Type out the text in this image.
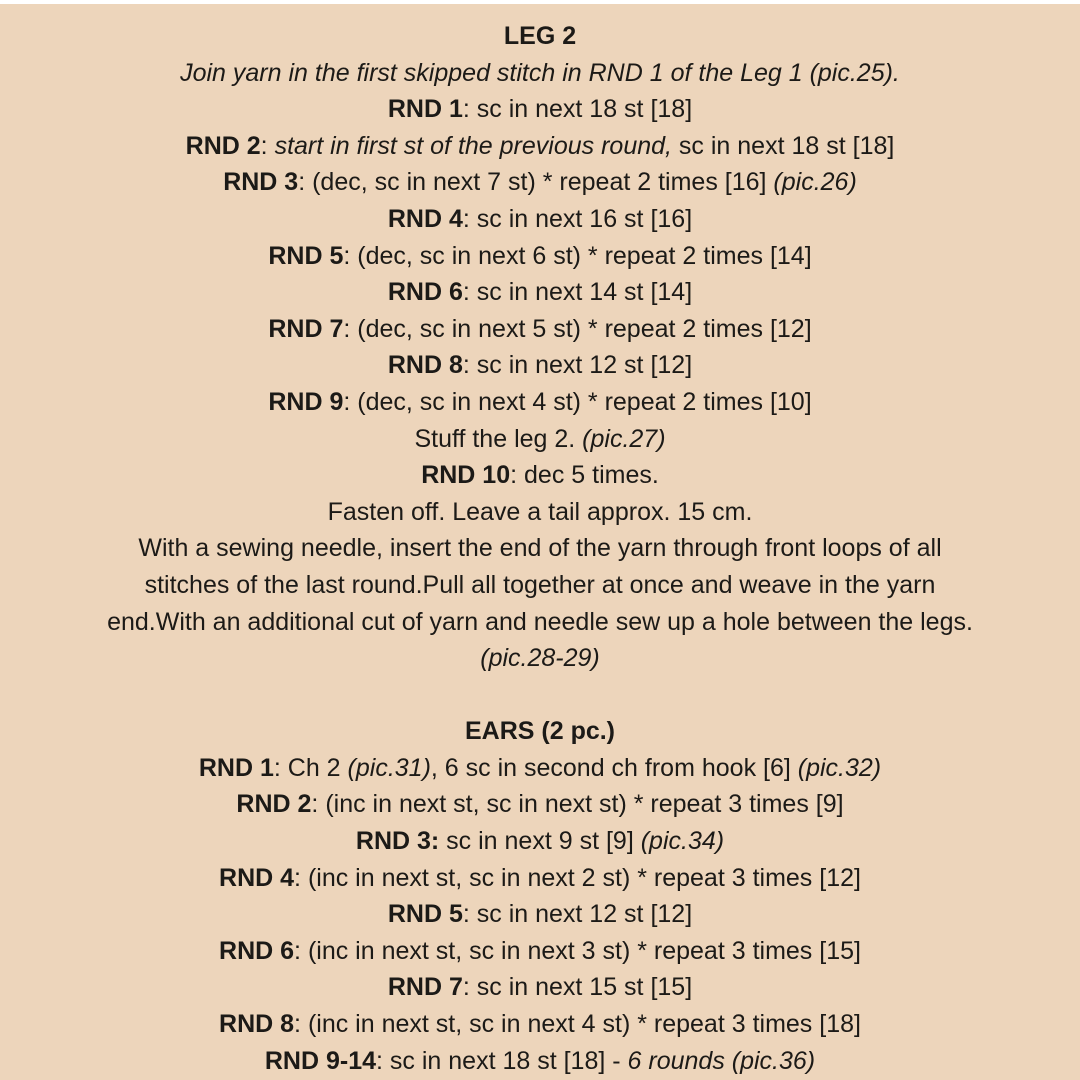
LEG 2
Join yarn in the first skipped stitch in RND 1 of the Leg 1 (pic.25).
RND 1: sc in next 18 st [18]
RND 2: start in first st of the previous round, sc in next 18 st [18]
RND 3: (dec, sc in next 7 st) * repeat 2 times [16] (pic.26)
RND 4: sc in next 16 st [16]
RND 5: (dec, sc in next 6 st) * repeat 2 times [14]
RND 6: sc in next 14 st [14]
RND 7: (dec, sc in next 5 st) * repeat 2 times [12]
RND 8: sc in next 12 st [12]
RND 9: (dec, sc in next 4 st) * repeat 2 times [10]
Stuff the leg 2. (pic.27)
RND 10: dec 5 times.
Fasten off. Leave a tail approx. 15 cm.
With a sewing needle, insert the end of the yarn through front loops of all stitches of the last round.Pull all together at once and weave in the yarn end.With an additional cut of yarn and needle sew up a hole between the legs. (pic.28-29)
EARS (2 pc.)
RND 1: Ch 2 (pic.31), 6 sc in second ch from hook [6] (pic.32)
RND 2: (inc in next st, sc in next st) * repeat 3 times [9]
RND 3: sc in next 9 st [9] (pic.34)
RND 4: (inc in next st, sc in next 2 st) * repeat 3 times [12]
RND 5: sc in next 12 st [12]
RND 6: (inc in next st, sc in next 3 st) * repeat 3 times [15]
RND 7: sc in next 15 st [15]
RND 8: (inc in next st, sc in next 4 st) * repeat 3 times [18]
RND 9-14: sc in next 18 st [18] - 6 rounds (pic.36)
